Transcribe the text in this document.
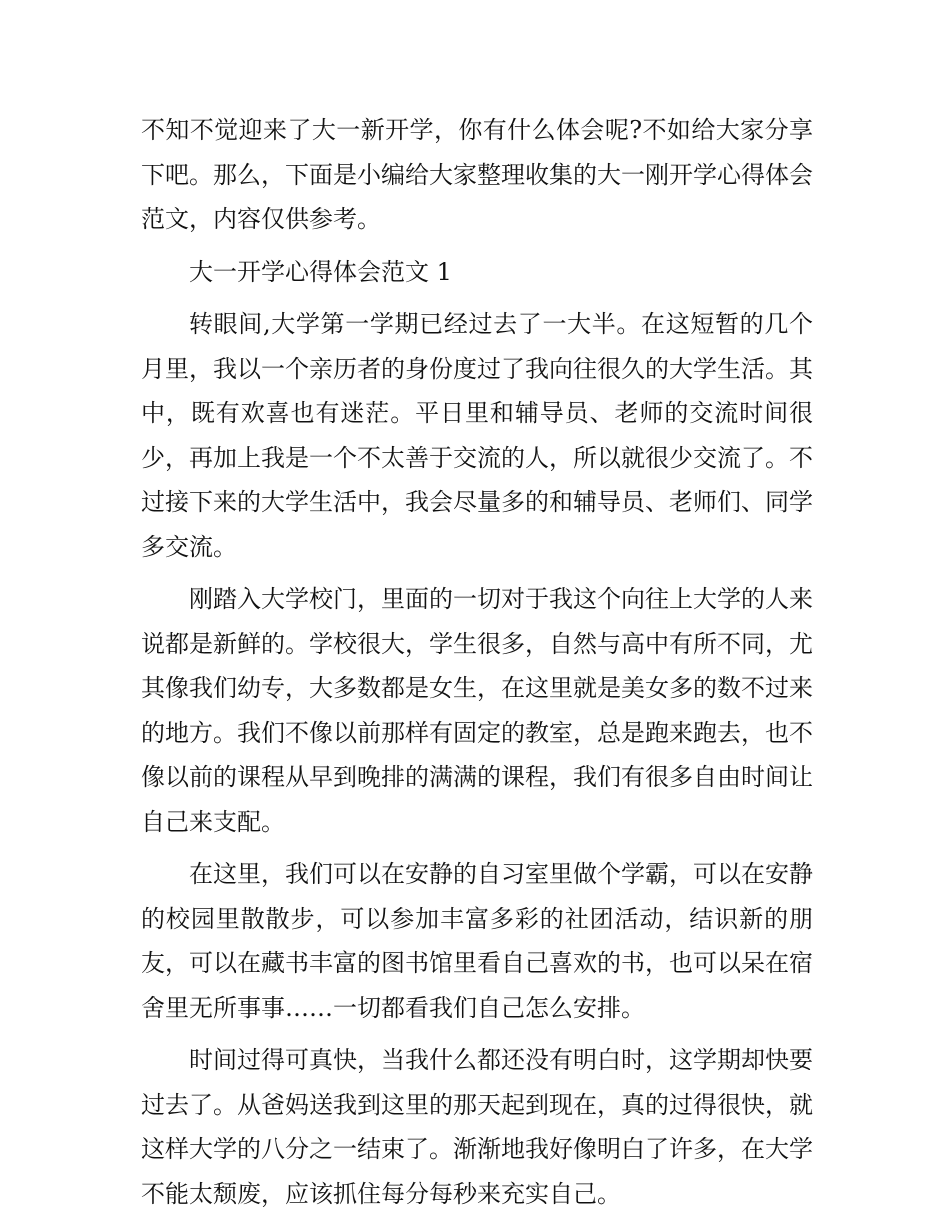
不知不觉迎来了大一新开学，你有什么体会呢?不如给大家分享下吧。那么，下面是小编给大家整理收集的大一刚开学心得体会范文，内容仅供参考。

大一开学心得体会范文 1

转眼间,大学第一学期已经过去了一大半。在这短暂的几个月里，我以一个亲历者的身份度过了我向往很久的大学生活。其中，既有欢喜也有迷茫。平日里和辅导员、老师的交流时间很少，再加上我是一个不太善于交流的人，所以就很少交流了。不过接下来的大学生活中，我会尽量多的和辅导员、老师们、同学多交流。

刚踏入大学校门，里面的一切对于我这个向往上大学的人来说都是新鲜的。学校很大，学生很多，自然与高中有所不同，尤其像我们幼专，大多数都是女生，在这里就是美女多的数不过来的地方。我们不像以前那样有固定的教室，总是跑来跑去，也不像以前的课程从早到晚排的满满的课程，我们有很多自由时间让自己来支配。

在这里，我们可以在安静的自习室里做个学霸，可以在安静的校园里散散步，可以参加丰富多彩的社团活动，结识新的朋友，可以在藏书丰富的图书馆里看自己喜欢的书，也可以呆在宿舍里无所事事……一切都看我们自己怎么安排。

时间过得可真快，当我什么都还没有明白时，这学期却快要过去了。从爸妈送我到这里的那天起到现在，真的过得很快，就这样大学的八分之一结束了。渐渐地我好像明白了许多，在大学不能太颓废，应该抓住每分每秒来充实自己。
